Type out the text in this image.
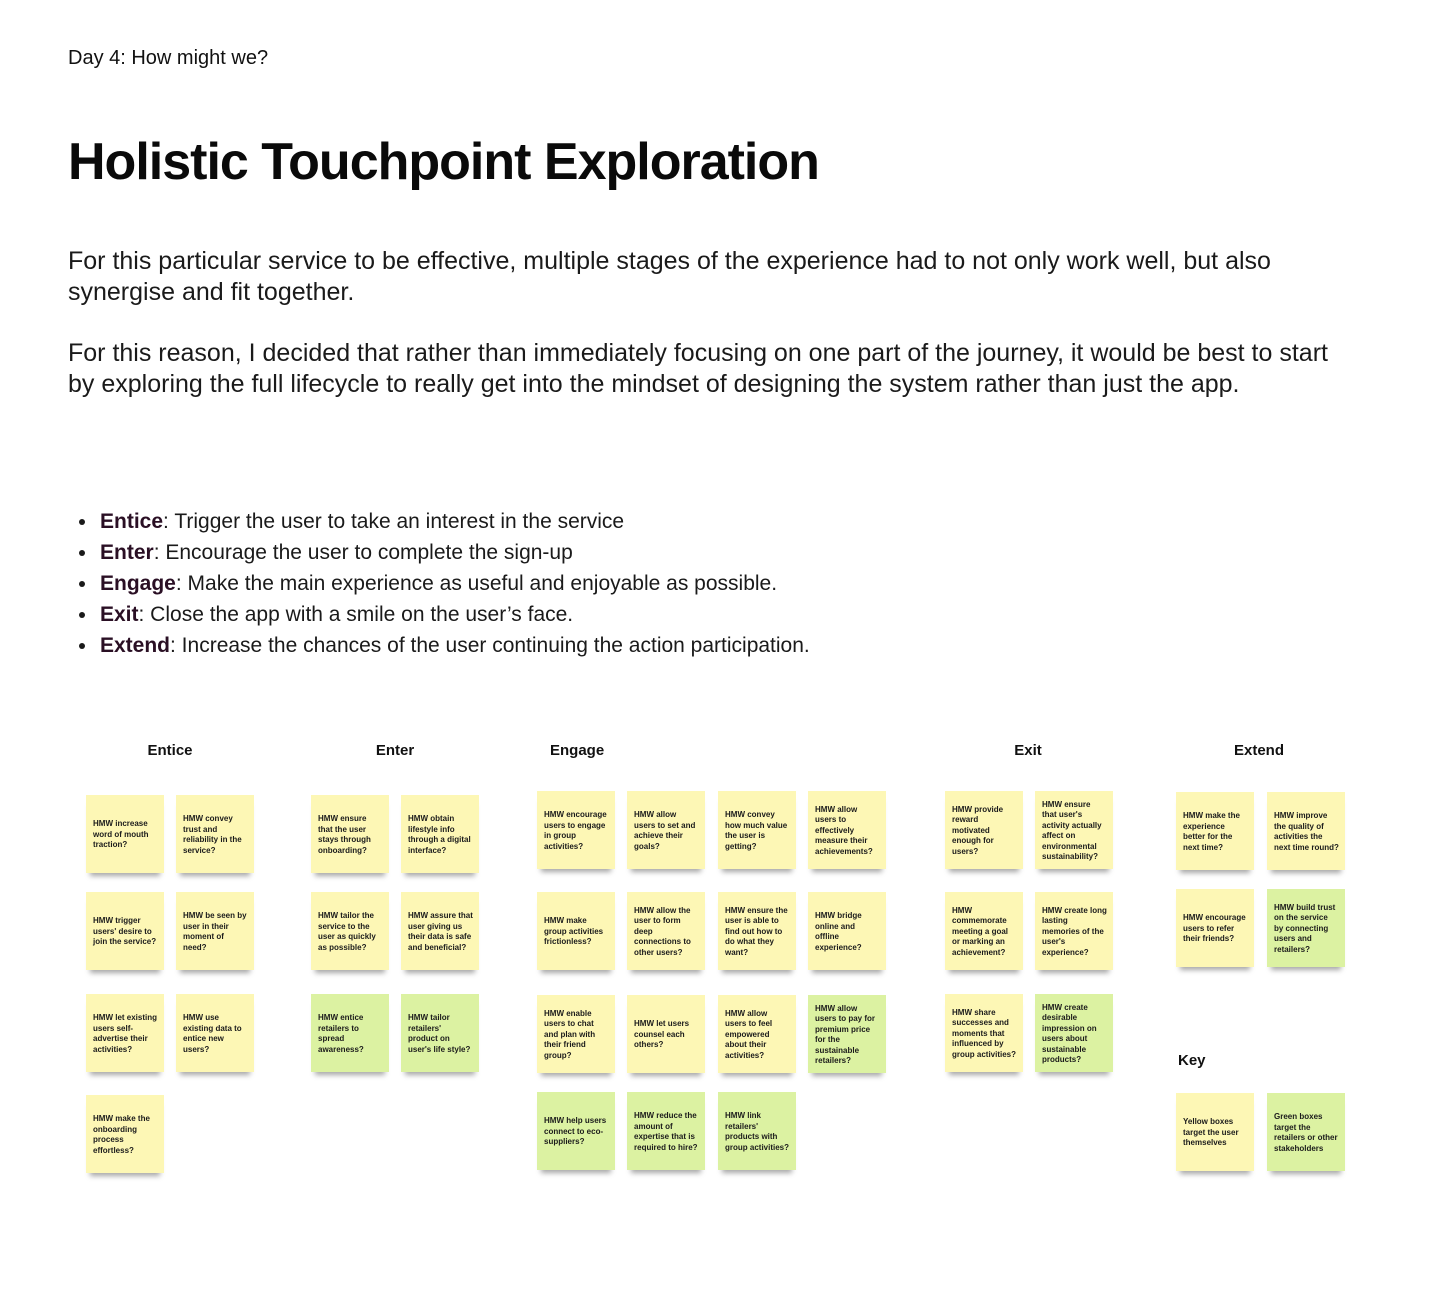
Day 4: How might we?
Holistic Touchpoint Exploration

For this particular service to be effective, multiple stages of the experience had to not only work well, but also synergise and fit together.

For this reason, I decided that rather than immediately focusing on one part of the journey, it would be best to start by exploring the full lifecycle to really get into the mindset of designing the system rather than just the app.

• Entice: Trigger the user to take an interest in the service
• Enter: Encourage the user to complete the sign-up
• Engage: Make the main experience as useful and enjoyable as possible.
• Exit: Close the app with a smile on the user’s face.
• Extend: Increase the chances of the user continuing the action participation.
Entice	Enter	Engage	Exit	Extend
HMW increase word of mouth traction?
HMW convey trust and reliability in the service?
HMW trigger users' desire to join the service?
HMW be seen by user in their moment of need?
HMW let existing users self-advertise their activities?
HMW use existing data to entice new users?
HMW make the onboarding process effortless?
HMW ensure that the user stays through onboarding?
HMW obtain lifestyle info through a digital interface?
HMW tailor the service to the user as quickly as possible?
HMW assure that user giving us their data is safe and beneficial?
HMW entice retailers to spread awareness?
HMW tailor retailers' product on user's life style?
HMW encourage users to engage in group activities?
HMW allow users to set and achieve their goals?
HMW convey how much value the user is getting?
HMW allow users to effectively measure their achievements?
HMW make group activities frictionless?
HMW allow the user to form deep connections to other users?
HMW ensure the user is able to find out how to do what they want?
HMW bridge online and offline experience?
HMW enable users to chat and plan with their friend group?
HMW let users counsel each others?
HMW allow users to feel empowered about their activities?
HMW allow users to pay for premium price for the sustainable retailers?
HMW help users connect to eco-suppliers?
HMW reduce the amount of expertise that is required to hire?
HMW link retailers' products with group activities?
HMW provide reward motivated enough for users?
HMW ensure that user's activity actually affect on environmental sustainability?
HMW commemorate meeting a goal or marking an achievement?
HMW create long lasting memories of the user's experience?
HMW share successes and moments that influenced by group activities?
HMW create desirable impression on users about sustainable products?
HMW make the experience better for the next time?
HMW improve the quality of activities the next time round?
HMW encourage users to refer their friends?
HMW build trust on the service by connecting users and retailers?
Key
Yellow boxes target the user themselves
Green boxes target the retailers or other stakeholders
